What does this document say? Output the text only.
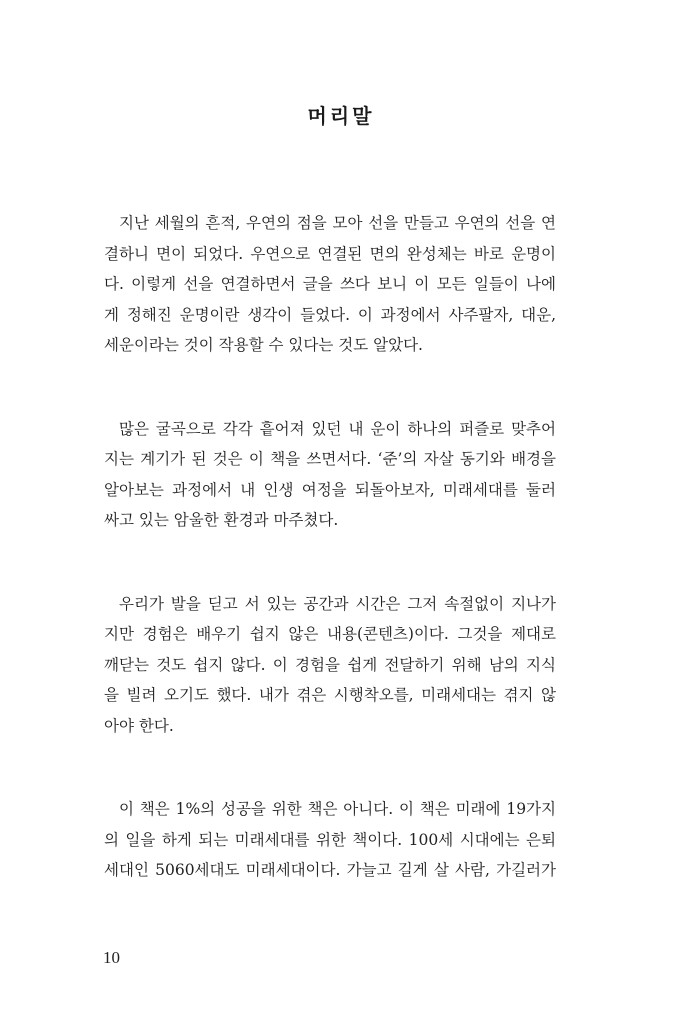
머리말
지난 세월의 흔적, 우연의 점을 모아 선을 만들고 우연의 선을 연
결하니 면이 되었다. 우연으로 연결된 면의 완성체는 바로 운명이
다. 이렇게 선을 연결하면서 글을 쓰다 보니 이 모든 일들이 나에
게 정해진 운명이란 생각이 들었다. 이 과정에서 사주팔자, 대운,
세운이라는 것이 작용할 수 있다는 것도 알았다.
많은 굴곡으로 각각 흩어져 있던 내 운이 하나의 퍼즐로 맞추어
지는 계기가 된 것은 이 책을 쓰면서다. ‘준’의 자살 동기와 배경을
알아보는 과정에서 내 인생 여정을 되돌아보자, 미래세대를 둘러
싸고 있는 암울한 환경과 마주쳤다.
우리가 발을 딛고 서 있는 공간과 시간은 그저 속절없이 지나가
지만 경험은 배우기 쉽지 않은 내용(콘텐츠)이다. 그것을 제대로
깨닫는 것도 쉽지 않다. 이 경험을 쉽게 전달하기 위해 남의 지식
을 빌려 오기도 했다. 내가 겪은 시행착오를, 미래세대는 겪지 않
아야 한다.
이 책은 1%의 성공을 위한 책은 아니다. 이 책은 미래에 19가지
의 일을 하게 되는 미래세대를 위한 책이다. 100세 시대에는 은퇴
세대인 5060세대도 미래세대이다. 가늘고 길게 살 사람, 가길러가
10
